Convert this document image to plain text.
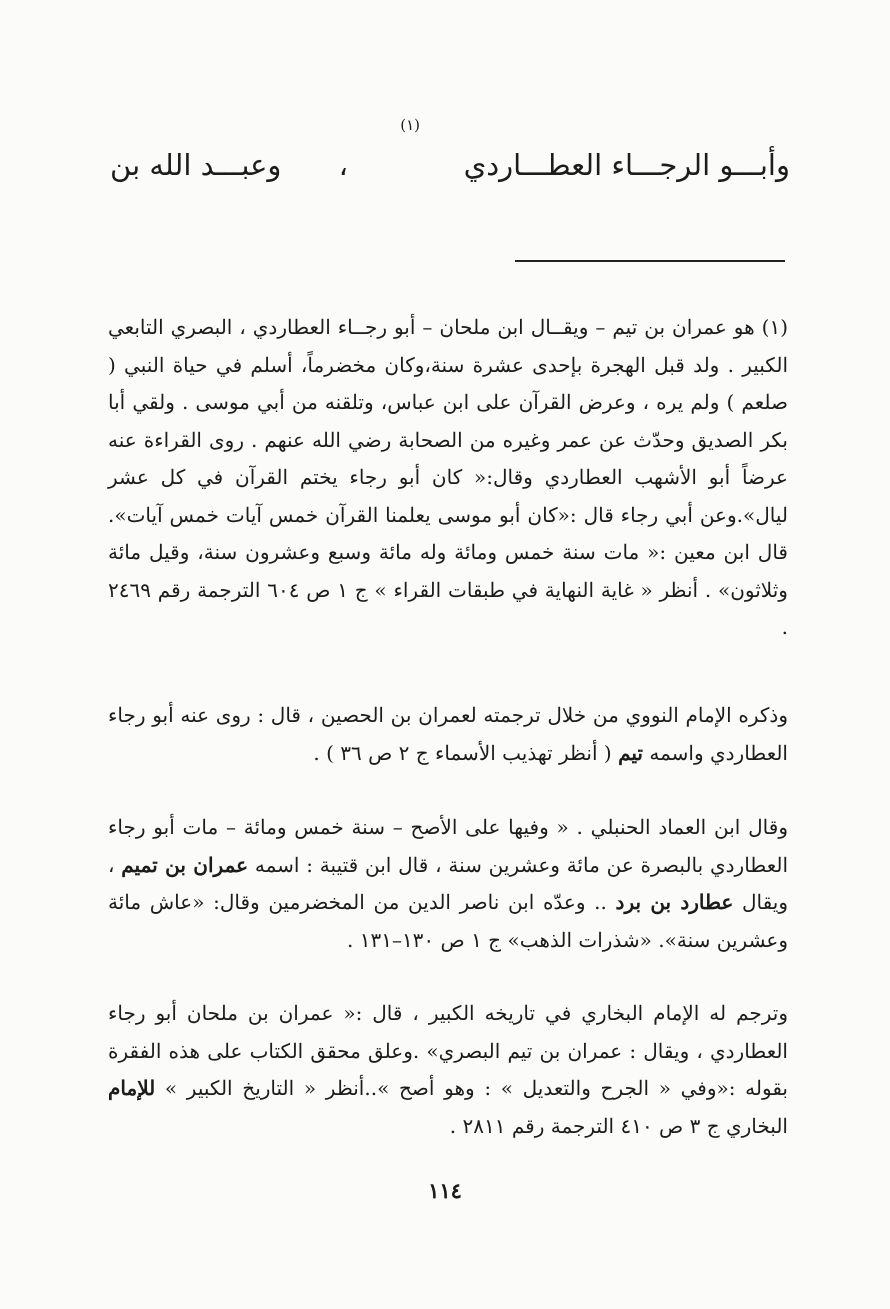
وأبـــو الرجـــاء العطـــاردي
(١)
،
وعبـــد الله بن

(١) هو عمران بن تيم – ويقــال ابن ملحان – أبو رجــاء العطاردي ، البصري التابعي الكبير . ولد قبل الهجرة بإحدى عشرة سنة،وكان مخضرماً، أسلم في حياة النبي ( صلعم ) ولم يره ، وعرض القرآن على ابن عباس، وتلقنه من أبي موسى . ولقي أبا بكر الصديق وحدّث عن عمر وغيره من الصحابة رضي الله عنهم . روى القراءة عنه عرضاً أبو الأشهب العطاردي وقال:« كان أبو رجاء يختم القرآن في كل عشر ليال».وعن أبي رجاء قال :«كان أبو موسى يعلمنا القرآن خمس آيات خمس آيات». قال ابن معين :« مات سنة خمس ومائة وله مائة وسبع وعشرون سنة، وقيل مائة وثلاثون» . أنظر « غاية النهاية في طبقات القراء » ج ١ ص ٦٠٤ الترجمة رقم ٢٤٦٩ .

وذكره الإمام النووي من خلال ترجمته لعمران بن الحصين ، قال : روى عنه أبو رجاء العطاردي واسمه تيم ( أنظر تهذيب الأسماء ج ٢ ص ٣٦ ) .

وقال ابن العماد الحنبلي . « وفيها على الأصح – سنة خمس ومائة – مات أبو رجاء العطاردي بالبصرة عن مائة وعشرين سنة ، قال ابن قتيبة : اسمه عمران بن تميم ، ويقال عطارد بن برد .. وعدّه ابن ناصر الدين من المخضرمين وقال: «عاش مائة وعشرين سنة». «شذرات الذهب» ج ١ ص ١٣٠–١٣١ .

وترجم له الإمام البخاري في تاريخه الكبير ، قال :« عمران بن ملحان أبو رجاء العطاردي ، ويقال : عمران بن تيم البصري» .وعلق محقق الكتاب على هذه الفقرة بقوله :«وفي « الجرح والتعديل » : وهو أصح »..أنظر « التاريخ الكبير » للإمام البخاري ج ٣ ص ٤١٠ الترجمة رقم ٢٨١١ .

١١٤
